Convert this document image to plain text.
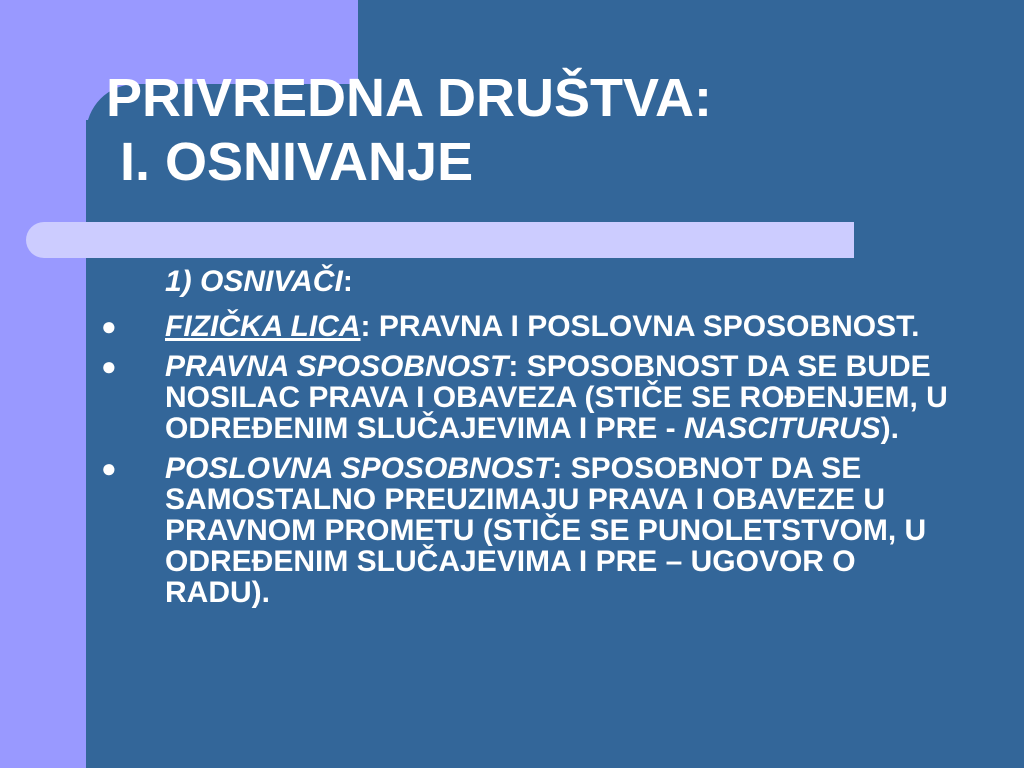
PRIVREDNA DRUŠTVA:
I. OSNIVANJE
1) OSNIVAČI:
● FIZIČKA LICA: PRAVNA I POSLOVNA SPOSOBNOST.
● PRAVNA SPOSOBNOST: SPOSOBNOST DA SE BUDE NOSILAC PRAVA I OBAVEZA (STIČE SE ROĐENJEM, U ODREĐENIM SLUČAJEVIMA I PRE - NASCITURUS).
● POSLOVNA SPOSOBNOST: SPOSOBNOT DA SE SAMOSTALNO PREUZIMAJU PRAVA I OBAVEZE U PRAVNOM PROMETU (STIČE SE PUNOLETSTVOM, U ODREĐENIM SLUČAJEVIMA I PRE – UGOVOR O RADU).
